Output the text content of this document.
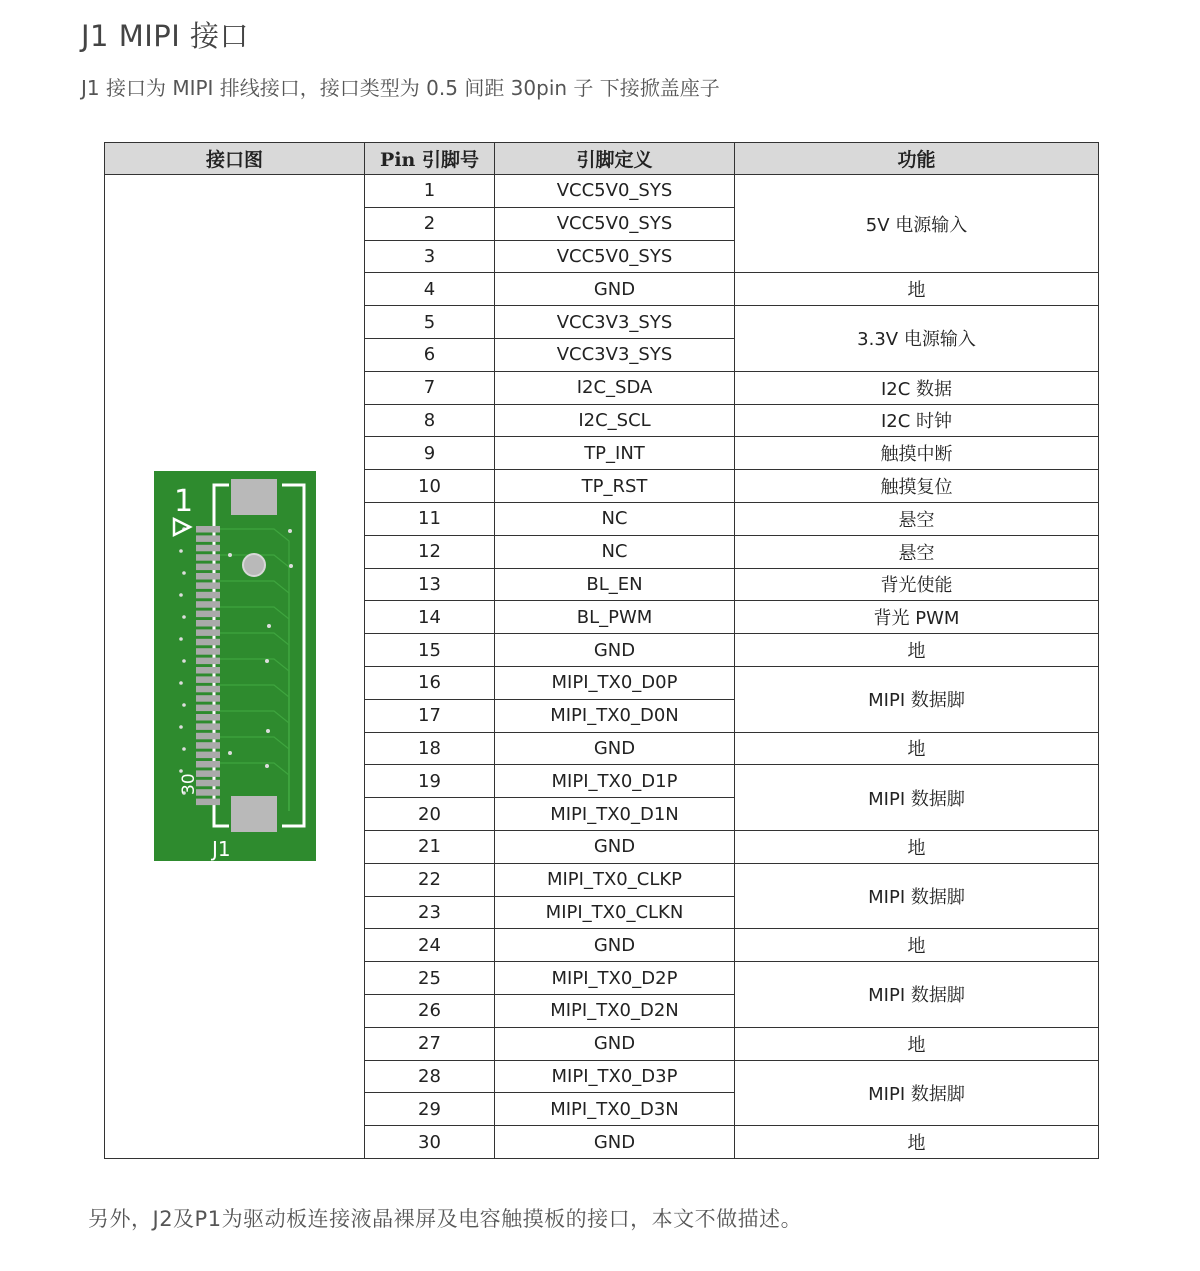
J1 MIPI 接口
J1 接口为 MIPI 排线接口，接口类型为 0.5 间距 30pin 子 下接掀盖座子
接口图	Pin 引脚号	引脚定义	功能

1
30
J1	1	VCC5V0_SYS	5V 电源输入
	2	VCC5V0_SYS	
	3	VCC5V0_SYS	
	4	GND	地
	5	VCC3V3_SYS	3.3V 电源输入
	6	VCC3V3_SYS	
	7	I2C_SDA	I2C 数据
	8	I2C_SCL	I2C 时钟
	9	TP_INT	触摸中断
	10	TP_RST	触摸复位
	11	NC	悬空
	12	NC	悬空
	13	BL_EN	背光使能
	14	BL_PWM	背光 PWM
	15	GND	地
	16	MIPI_TX0_D0P	MIPI 数据脚
	17	MIPI_TX0_D0N	
	18	GND	地
	19	MIPI_TX0_D1P	MIPI 数据脚
	20	MIPI_TX0_D1N	
	21	GND	地
	22	MIPI_TX0_CLKP	MIPI 数据脚
	23	MIPI_TX0_CLKN	
	24	GND	地
	25	MIPI_TX0_D2P	MIPI 数据脚
	26	MIPI_TX0_D2N	
	27	GND	地
	28	MIPI_TX0_D3P	MIPI 数据脚
	29	MIPI_TX0_D3N	
	30	GND	地
另外，J2及P1为驱动板连接液晶裸屏及电容触摸板的接口，本文不做描述。
